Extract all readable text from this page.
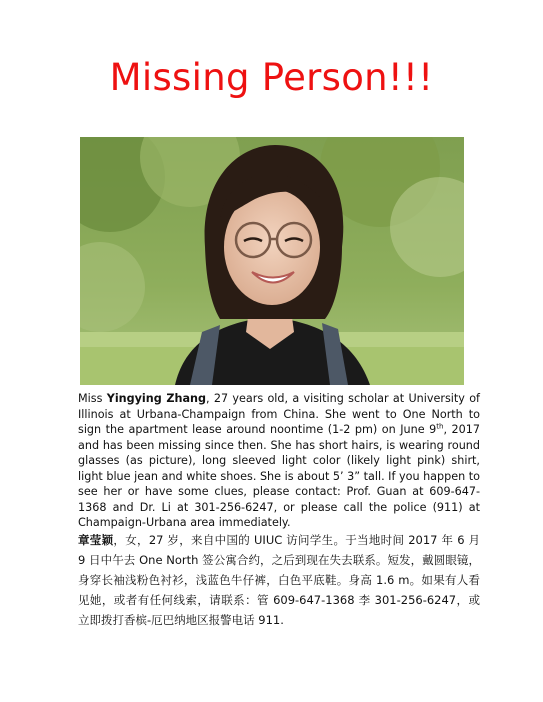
Missing Person!!!
Miss Yingying Zhang, 27 years old, a visiting scholar at University of Illinois at Urbana-Champaign from China. She went to One North to sign the apartment lease around noontime (1-2 pm) on June 9th, 2017 and has been missing since then. She has short hairs, is wearing round glasses (as picture), long sleeved light color (likely light pink) shirt, light blue jean and white shoes. She is about 5’ 3” tall. If you happen to see her or have some clues, please contact: Prof. Guan at 609-647-1368 and Dr. Li at 301-256-6247, or please call the police (911) at Champaign-Urbana area immediately.
章莹颖，女，27 岁，来自中国的 UIUC 访问学生。于当地时间 2017 年 6 月 9 日中午去 One North 签公寓合约，之后到现在失去联系。短发，戴圆眼镜，身穿长袖浅粉色衬衫，浅蓝色牛仔裤，白色平底鞋。身高 1.6 m。如果有人看见她，或者有任何线索，请联系：管 609-647-1368 李 301-256-6247，或立即拨打香槟-厄巴纳地区报警电话 911.
